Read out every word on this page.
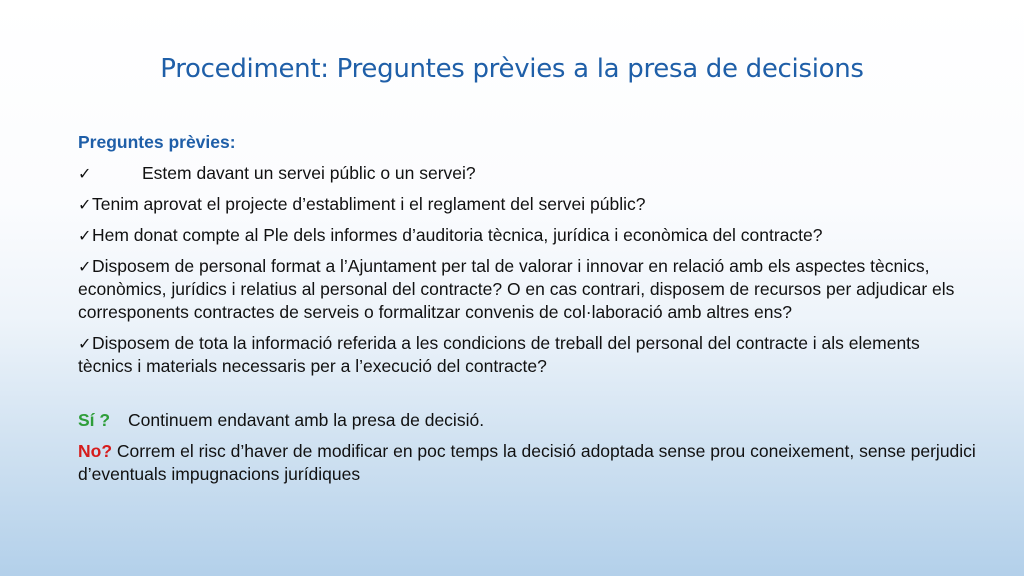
Procediment: Preguntes prèvies a la presa de decisions
Preguntes prèvies:
✓	Estem davant un servei públic o un servei?
✓Tenim aprovat el projecte d’establiment i el reglament del servei públic?
✓Hem donat compte al Ple dels informes d’auditoria tècnica, jurídica i econòmica del contracte?
✓Disposem de personal format a l’Ajuntament per tal de valorar i innovar en relació amb els aspectes tècnics, econòmics, jurídics i relatius al personal del contracte? O en cas contrari, disposem de recursos per adjudicar els corresponents contractes de serveis o formalitzar convenis de col·laboració amb altres ens?
✓Disposem de tota la informació referida a les condicions de treball del personal del contracte i als elements tècnics i materials necessaris per a l’execució del contracte?
Sí ? Continuem endavant amb la presa de decisió.
No? Correm el risc d’haver de modificar en poc temps la decisió adoptada sense prou coneixement, sense perjudici d’eventuals impugnacions jurídiques
